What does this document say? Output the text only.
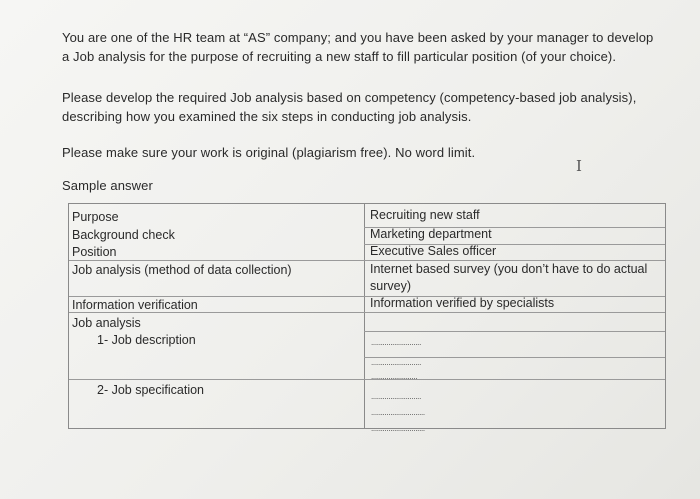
You are one of the HR team at “AS” company; and you have been asked by your manager to develop a Job analysis for the purpose of recruiting a new staff to fill particular position (of your choice).

Please develop the required Job analysis based on competency (competency-based job analysis), describing how you examined the six steps in conducting job analysis.

Please make sure your work is original (plagiarism free). No word limit.

Sample answer

I
Purpose
Background check
Position
Job analysis (method of data collection)
Information verification
Job analysis
1- Job description
2- Job specification
Recruiting new staff
Marketing department
Executive Sales officer
Internet based survey (you don’t have to do actual survey)
Information verified by specialists
..........................
..........................
........................
..........................
............................
............................
